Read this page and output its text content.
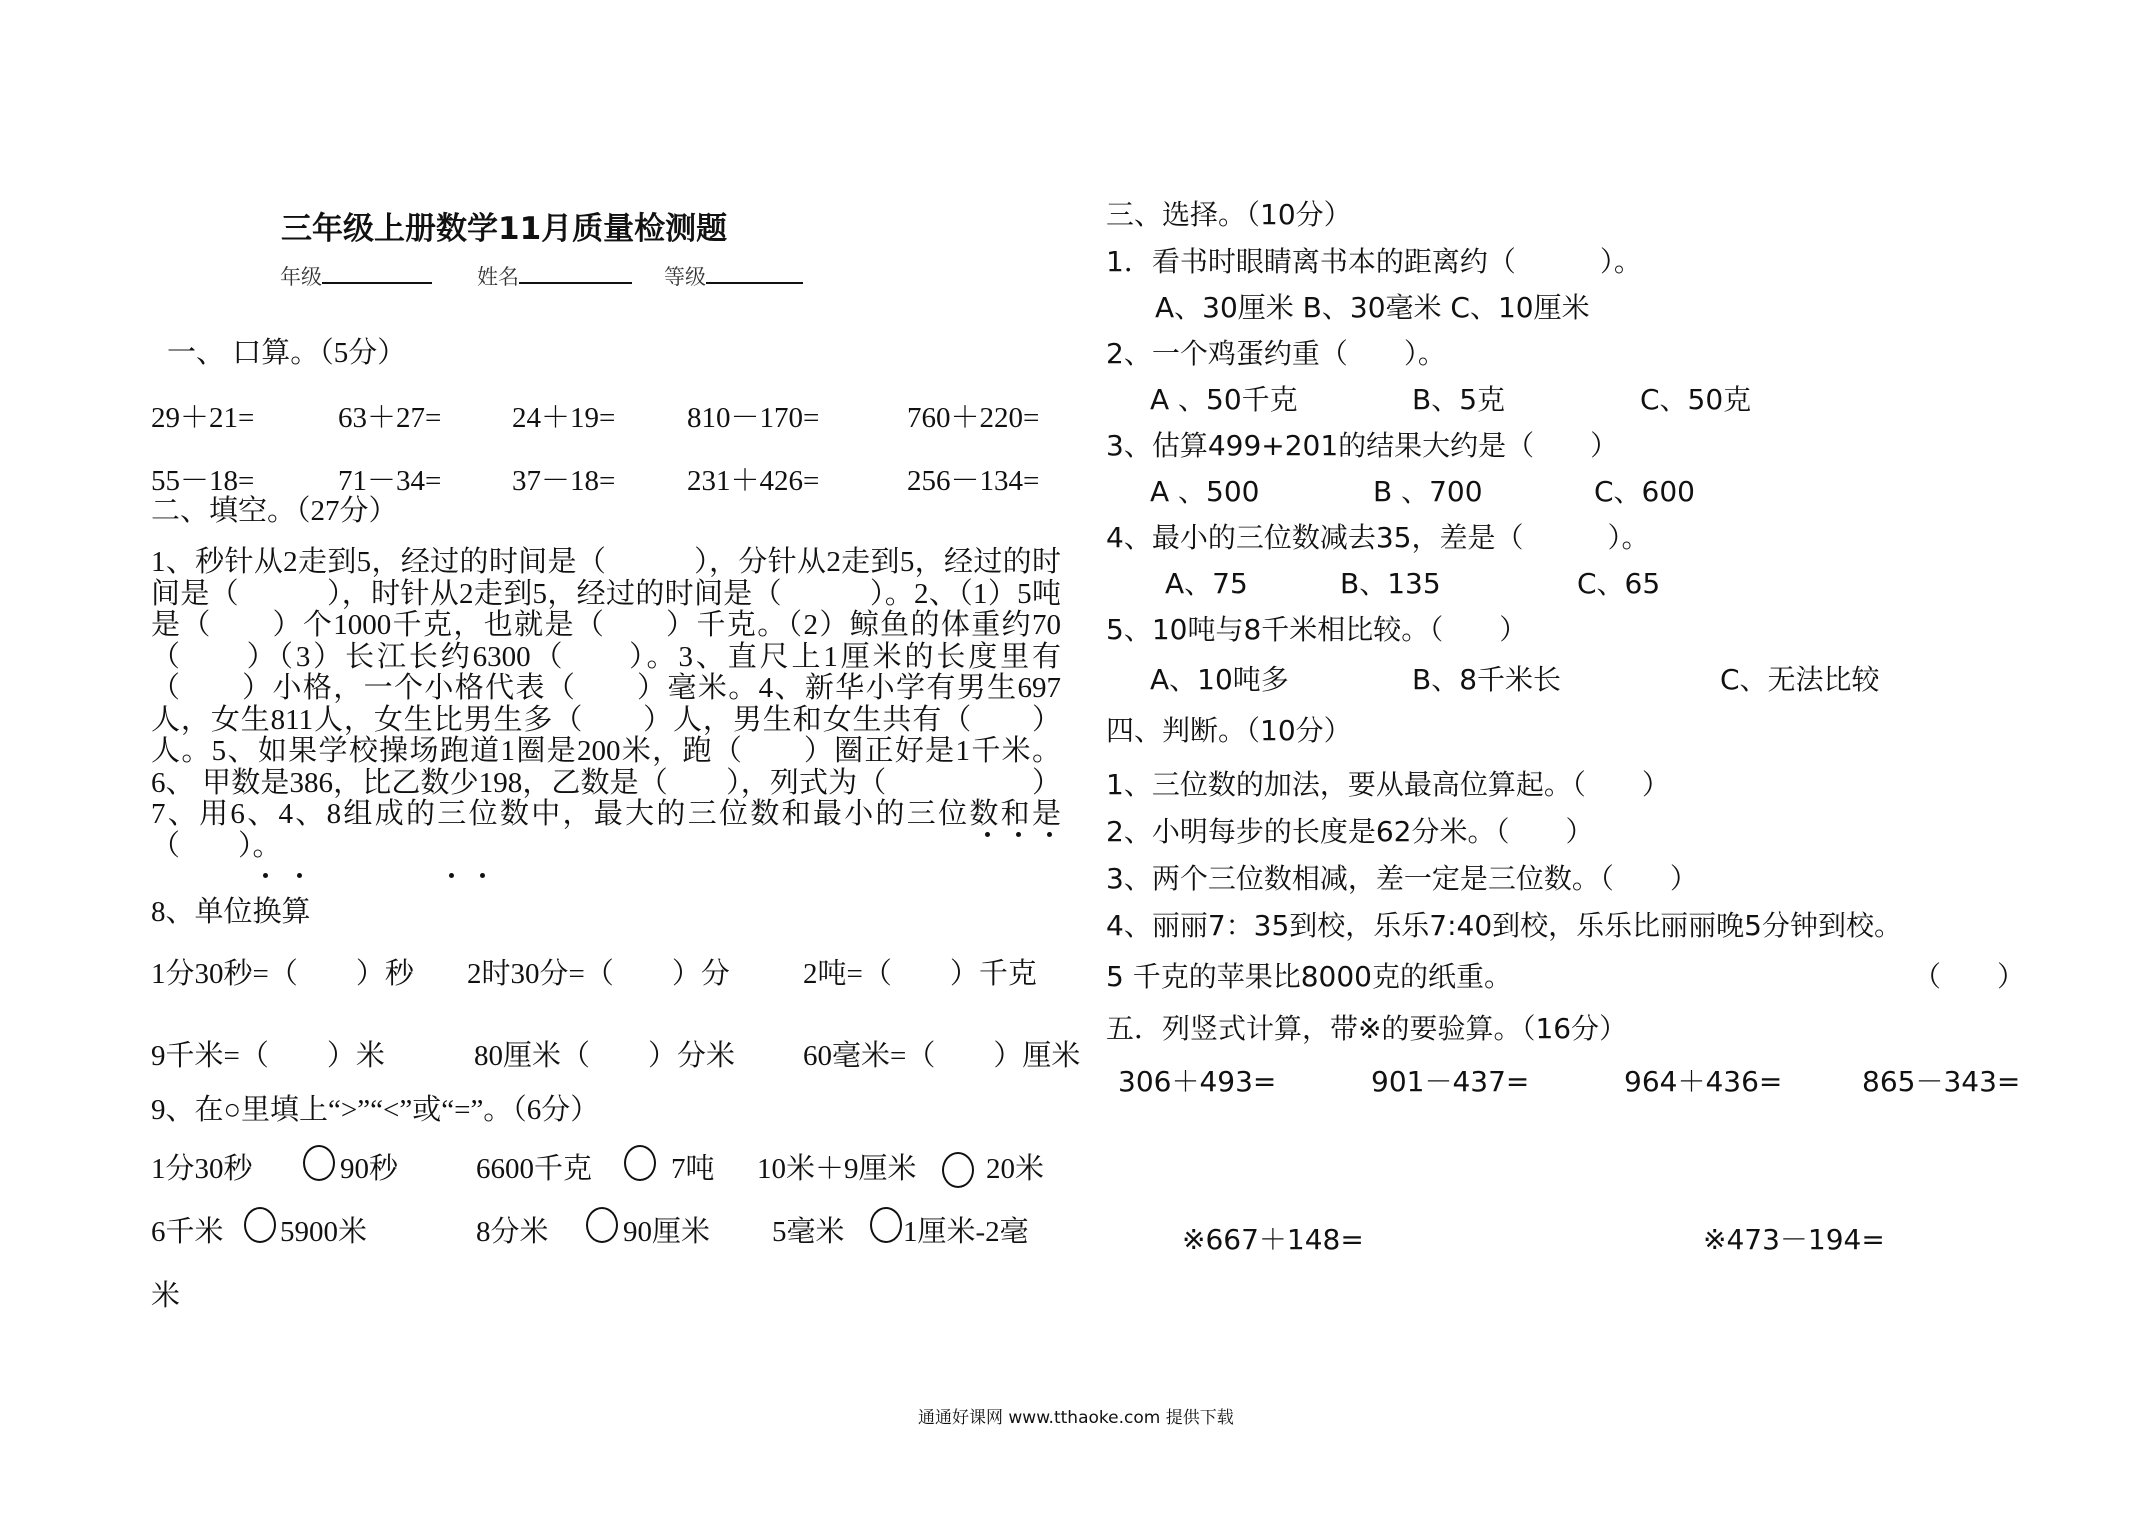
三年级上册数学11月质量检测题
年级	姓名	等级
一、 口算。（5分）
29＋21=	63＋27= 24＋19= 810－170=	760＋220=
55－18=	71－34= 37－18= 231＋426=	256－134=
二、填空。（27分）
1、秒针从2走到5，经过的时间是（　　　），分针从2走到5，经过的时间是（　　　），时针从2走到5，经过的时间是（　　　）。2、（1）5吨是（　　）个1000千克，也就是（　　）千克。（2）鲸鱼的体重约70（　　）（3）长江长约6300（　　）。3、直尺上1厘米的长度里有（　　）小格，一个小格代表（　　）毫米。4、新华小学有男生697人，女生811人，女生比男生多（　　）人，男生和女生共有（　　）人。5、如果学校操场跑道1圈是200米，跑（　　）圈正好是1千米。6、 甲数是386，比乙数少198，乙数是（　　），列式为（　　　　　）7、用6、4、8组成的三位数中，最大的三位数和最小的三位数和是（　　）。
8、单位换算
1分30秒=（　　）秒 2时30分=（　　）分	2吨=（　　）千克
9千米=（　　）米	80厘米（　　）分米 60毫米=（　　）厘米
9、在○里填上“>”“<”或“=”。（6分）
1分30秒	90秒	6600千克	7吨 10米＋9厘米 20米
6千米 5900米	8分米	90厘米 5毫米 1厘米-2毫
米
三、选择。（10分）
1．看书时眼睛离书本的距离约（　　　）。
A、30厘米 B、30毫米 C、10厘米
2、一个鸡蛋约重（　　）。
A 、50千克	B、5克	C、50克
3、估算499+201的结果大约是（　　）
A 、500	B 、700	C、600
4、最小的三位数减去35，差是（　　　）。
A、75	B、135	C、65
5、10吨与8千米相比较。（　　）
A、10吨多	B、8千米长	C、无法比较
四、判断。（10分）
1、三位数的加法，要从最高位算起。（　　）
2、小明每步的长度是62分米。（　　）
3、两个三位数相减，差一定是三位数。（　　）
4、丽丽7：35到校，乐乐7:40到校，乐乐比丽丽晚5分钟到校。
5 千克的苹果比8000克的纸重。	（　　）
五．列竖式计算，带※的要验算。（16分）
306＋493=	901－437=	964＋436=	865－343=
※667＋148=	※473－194=
通通好课网 www.tthaoke.com 提供下载
